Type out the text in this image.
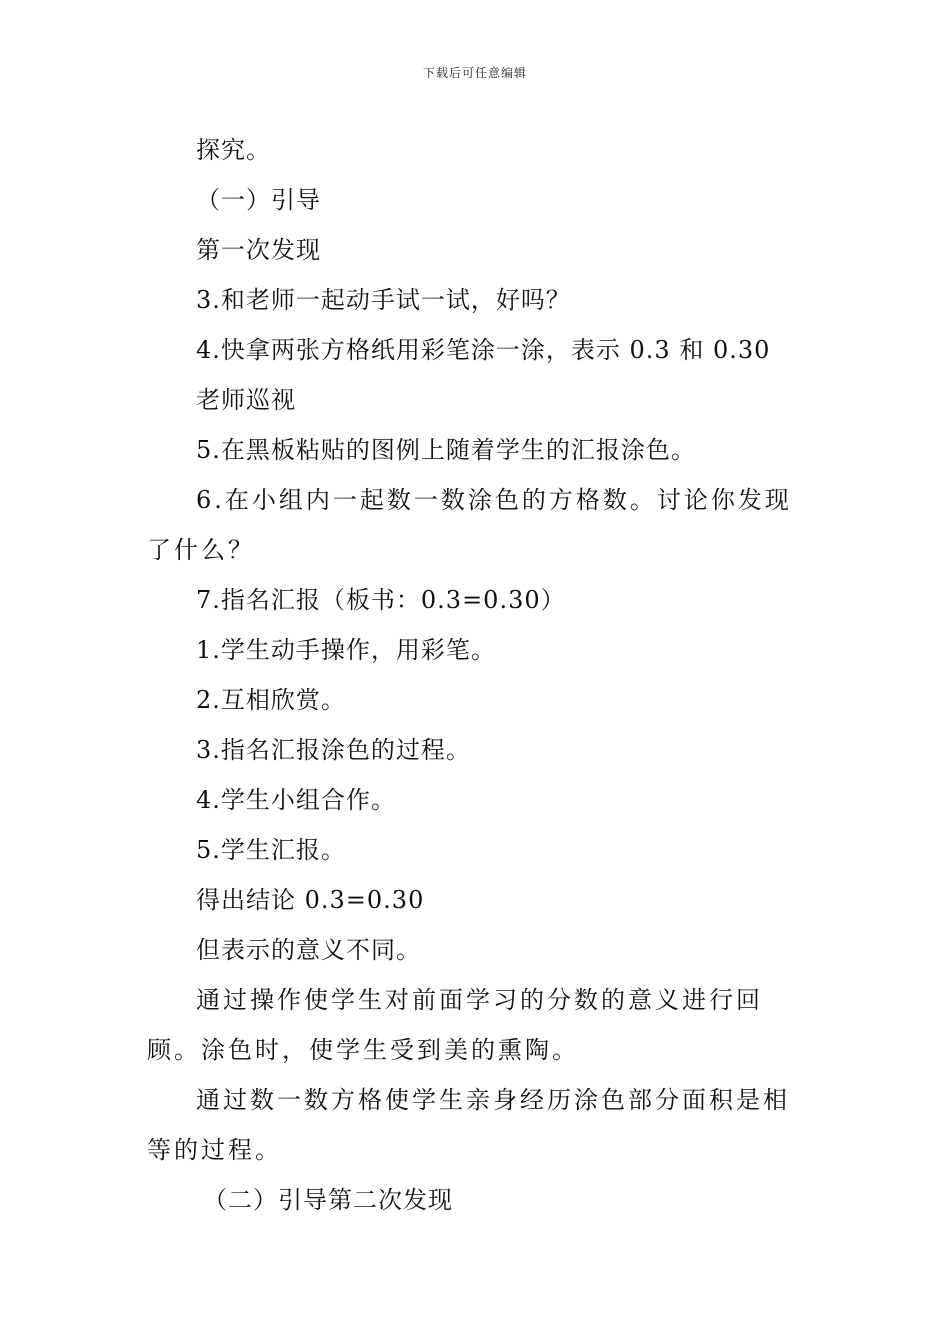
下载后可任意编辑
探究。
（一）引导
第一次发现
3.和老师一起动手试一试，好吗？
4.快拿两张方格纸用彩笔涂一涂，表示 0.3 和 0.30
老师巡视
5.在黑板粘贴的图例上随着学生的汇报涂色。
6.在小组内一起数一数涂色的方格数。讨论你发现了什么？
7.指名汇报（板书：0.3=0.30）
1.学生动手操作，用彩笔。
2.互相欣赏。
3.指名汇报涂色的过程。
4.学生小组合作。
5.学生汇报。
得出结论 0.3=0.30
但表示的意义不同。
通过操作使学生对前面学习的分数的意义进行回顾。涂色时，使学生受到美的熏陶。
通过数一数方格使学生亲身经历涂色部分面积是相等的过程。
（二）引导第二次发现
